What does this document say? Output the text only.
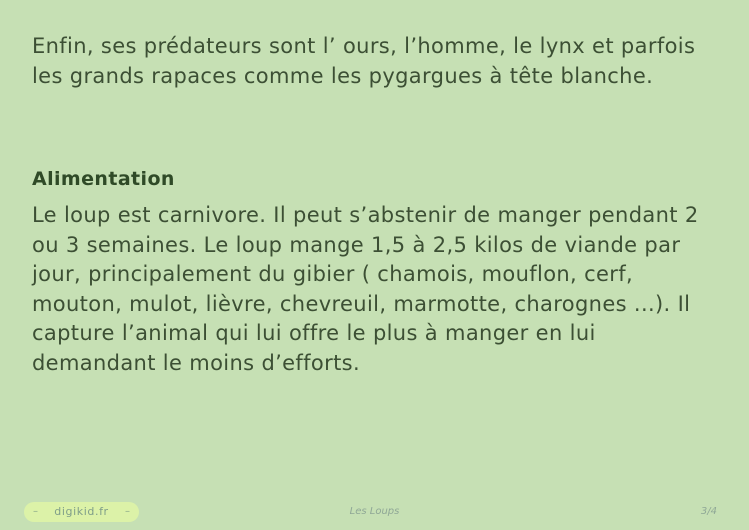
Enfin, ses prédateurs sont l’ ours, l’homme, le lynx et parfois les grands rapaces comme les pygargues à tête blanche.

Alimentation

Le loup est carnivore. Il peut s’abstenir de manger pendant 2 ou 3 semaines. Le loup mange 1,5 à 2,5 kilos de viande par jour, principalement du gibier ( chamois, mouflon, cerf, mouton, mulot, lièvre, chevreuil, marmotte, charognes ...). Il capture l’animal qui lui offre le plus à manger en lui demandant le moins d’efforts.

– digikid.fr –	Les Loups	3/4
